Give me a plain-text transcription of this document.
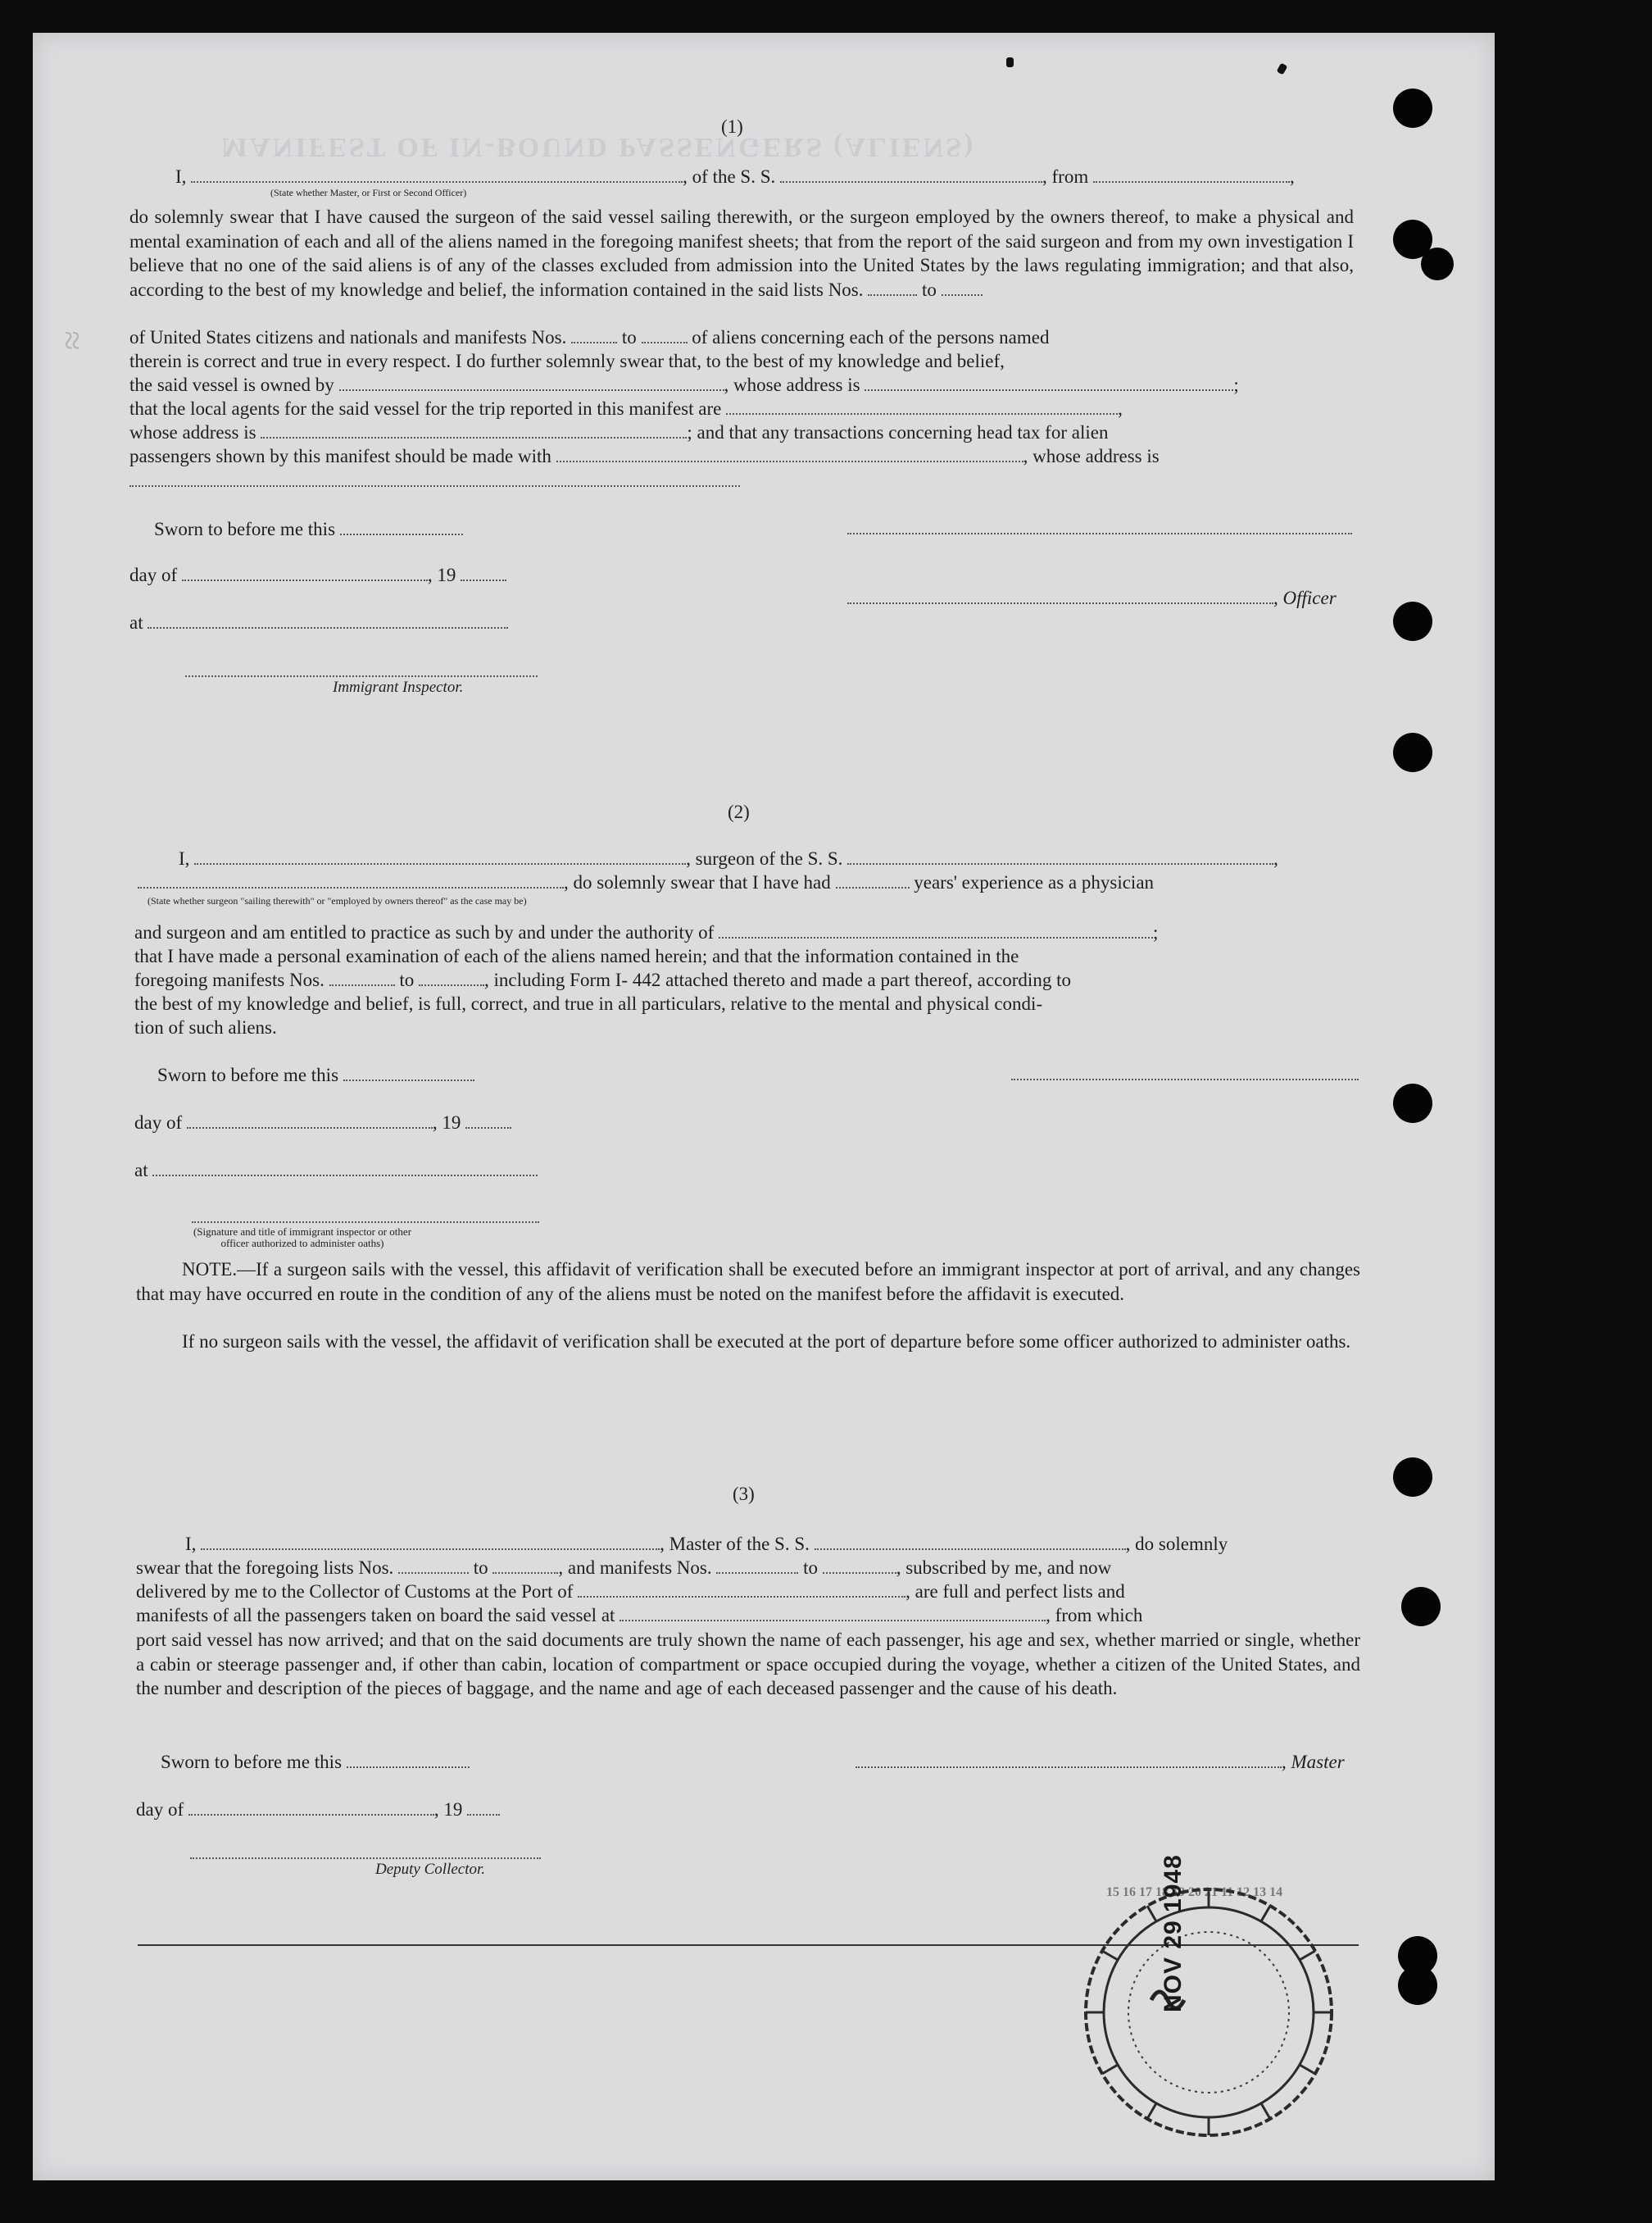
MANIFEST OF IN-BOUND PASSENGERS (ALIENS)
≈
(1)
I,	, of the S. S.	, from	,
(State whether Master, or First or Second Officer)
do solemnly swear that I have caused the surgeon of the said vessel sailing therewith, or the surgeon employed by the owners thereof, to make a physical and mental examination of each and all of the aliens named in the foregoing manifest sheets; that from the report of the said surgeon and from my own investigation I believe that no one of the said aliens is of any of the classes excluded from admission into the United States by the laws regulating immigration; and that also, according to the best of my knowledge and belief, the information contained in the said lists Nos.	to
of United States citizens and nationals and manifests Nos.	to	of aliens concerning each of the persons named
therein is correct and true in every respect. I do further solemnly swear that, to the best of my knowledge and belief,
the said vessel is owned by	, whose address is	;
that the local agents for the said vessel for the trip reported in this manifest are	,
whose address is	; and that any transactions concerning head tax for alien
passengers shown by this manifest should be made with	, whose address is
Sworn to before me this
day of	, 19
, Officer
at
Immigrant Inspector.
(2)
I,	, surgeon of the S. S.	,
, do solemnly swear that I have had	years' experience as a physician
(State whether surgeon "sailing therewith" or "employed by owners thereof" as the case may be)
and surgeon and am entitled to practice as such by and under the authority of	;
that I have made a personal examination of each of the aliens named herein; and that the information contained in the
foregoing manifests Nos.	to	, including Form I- 442 attached thereto and made a part thereof, according to
the best of my knowledge and belief, is full, correct, and true in all particulars, relative to the mental and physical condi-
tion of such aliens.
Sworn to before me this
day of	, 19
at
(Signature and title of immigrant inspector or other officer authorized to administer oaths)
NOTE.—If a surgeon sails with the vessel, this affidavit of verification shall be executed before an immigrant inspector at port of arrival, and any changes that may have occurred en route in the condition of any of the aliens must be noted on the manifest before the affidavit is executed.
If no surgeon sails with the vessel, the affidavit of verification shall be executed at the port of departure before some officer authorized to administer oaths.
(3)
I,	, Master of the S. S.	, do solemnly
swear that the foregoing lists Nos.	to	, and manifests Nos.	to	, subscribed by me, and now
delivered by me to the Collector of Customs at the Port of	, are full and perfect lists and
manifests of all the passengers taken on board the said vessel at	, from which
port said vessel has now arrived; and that on the said documents are truly shown the name of each passenger, his age and sex, whether married or single, whether a cabin or steerage passenger and, if other than cabin, location of compartment or space occupied during the voyage, whether a citizen of the United States, and the number and description of the pieces of baggage, and the name and age of each deceased passenger and the cause of his death.
Sworn to before me this	, Master
day of	, 19
Deputy Collector.
15 16 17 18 19 20 21 11 12 13 14
NOV 29 1948
